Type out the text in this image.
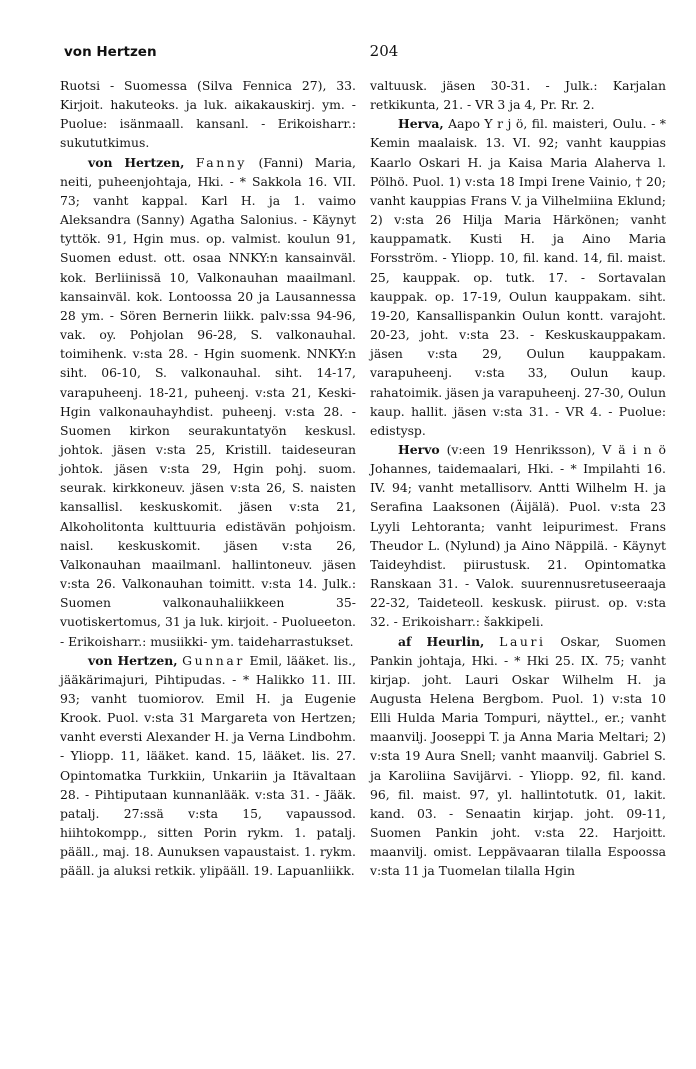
von Hertzen	204

Ruotsi - Suomessa (Silva Fennica 27), 33. Kirjoit. hakuteoks. ja luk. aikakauskirj. ym. - Puolue: isänmaall. kansanl. - Erikoisharr.: sukututkimus.

von Hertzen, Fanny (Fanni) Maria, neiti, puheenjohtaja, Hki. - * Sakkola 16. VII. 73; vanht kappal. Karl H. ja 1. vaimo Aleksandra (Sanny) Agatha Salonius. - Käynyt tyttök. 91, Hgin mus. op. valmist. koulun 91, Suomen edust. ott. osaa NNKY:n kansainväl. kok. Berliinissä 10, Valkonauhan maailmanl. kansainväl. kok. Lontoossa 20 ja Lausannessa 28 ym. - Sören Bernerin liikk. palv:ssa 94-96, vak. oy. Pohjolan 96-28, S. valkonauhal. toimihenk. v:sta 28. - Hgin suomenk. NNKY:n siht. 06-10, S. valkonauhal. siht. 14-17, varapuheenj. 18-21, puheenj. v:sta 21, Keski-Hgin valkonauhayhdist. puheenj. v:sta 28. - Suomen kirkon seurakuntatyön keskusl. johtok. jäsen v:sta 25, Kristill. taideseuran johtok. jäsen v:sta 29, Hgin pohj. suom. seurak. kirkkoneuv. jäsen v:sta 26, S. naisten kansallisl. keskuskomit. jäsen v:sta 21, Alkoholitonta kulttuuria edistävän pohjoism. naisl. keskuskomit. jäsen v:sta 26, Valkonauhan maailmanl. hallintoneuv. jäsen v:sta 26. Valkonauhan toimitt. v:sta 14. Julk.: Suomen valkonauhaliikkeen 35-vuotiskertomus, 31 ja luk. kirjoit. - Puolueeton. - Erikoisharr.: musiikki- ym. taideharrastukset.

von Hertzen, Gunnar Emil, lääket. lis., jääkärimajuri, Pihtipudas. - * Halikko 11. III. 93; vanht tuomiorov. Emil H. ja Eugenie Krook. Puol. v:sta 31 Margareta von Hertzen; vanht eversti Alexander H. ja Verna Lindbohm. - Yliopp. 11, lääket. kand. 15, lääket. lis. 27. Opintomatka Turkkiin, Unkariin ja Itävaltaan 28. - Pihtiputaan kunnanlääk. v:sta 31. - Jääk. patalj. 27:ssä v:sta 15, vapaussod. hiihtokompp., sitten Porin rykm. 1. patalj. pääll., maj. 18. Aunuksen vapaustaist. 1. rykm. pääll. ja aluksi retkik. ylipääll. 19. Lapuanliikk.

valtuusk. jäsen 30-31. - Julk.: Karjalan retkikunta, 21. - VR 3 ja 4, Pr. Rr. 2.

Herva, Aapo Y r j ö, fil. maisteri, Oulu. - * Kemin maalaisk. 13. VI. 92; vanht kauppias Kaarlo Oskari H. ja Kaisa Maria Alaherva l. Pölhö. Puol. 1) v:sta 18 Impi Irene Vainio, † 20; vanht kauppias Frans V. ja Vilhelmiina Eklund; 2) v:sta 26 Hilja Maria Härkönen; vanht kauppamatk. Kusti H. ja Aino Maria Forsström. - Yliopp. 10, fil. kand. 14, fil. maist. 25, kauppak. op. tutk. 17. - Sortavalan kauppak. op. 17-19, Oulun kauppakam. siht. 19-20, Kansallispankin Oulun kontt. varajoht. 20-23, joht. v:sta 23. - Keskuskauppakam. jäsen v:sta 29, Oulun kauppakam. varapuheenj. v:sta 33, Oulun kaup. rahatoimik. jäsen ja varapuheenj. 27-30, Oulun kaup. hallit. jäsen v:sta 31. - VR 4. - Puolue: edistysp.

Hervo (v:een 19 Henriksson), V ä i n ö Johannes, taidemaalari, Hki. - * Impilahti 16. IV. 94; vanht metallisorv. Antti Wilhelm H. ja Serafina Laaksonen (Äijälä). Puol. v:sta 23 Lyyli Lehtoranta; vanht leipurimest. Frans Theudor L. (Nylund) ja Aino Näppilä. - Käynyt Taideyhdist. piirustusk. 21. Opintomatka Ranskaan 31. - Valok. suurennusretuseeraaja 22-32, Taideteoll. keskusk. piirust. op. v:sta 32. - Erikoisharr.: šakkipeli.

af Heurlin, Lauri Oskar, Suomen Pankin johtaja, Hki. - * Hki 25. IX. 75; vanht kirjap. joht. Lauri Oskar Wilhelm H. ja Augusta Helena Bergbom. Puol. 1) v:sta 10 Elli Hulda Maria Tompuri, näyttel., er.; vanht maanvilj. Jooseppi T. ja Anna Maria Meltari; 2) v:sta 19 Aura Snell; vanht maanvilj. Gabriel S. ja Karoliina Savijärvi. - Yliopp. 92, fil. kand. 96, fil. maist. 97, yl. hallintotutk. 01, lakit. kand. 03. - Senaatin kirjap. joht. 09-11, Suomen Pankin joht. v:sta 22. Harjoitt. maanvilj. omist. Leppävaaran tilalla Espoossa v:sta 11 ja Tuomelan tilalla Hgin
